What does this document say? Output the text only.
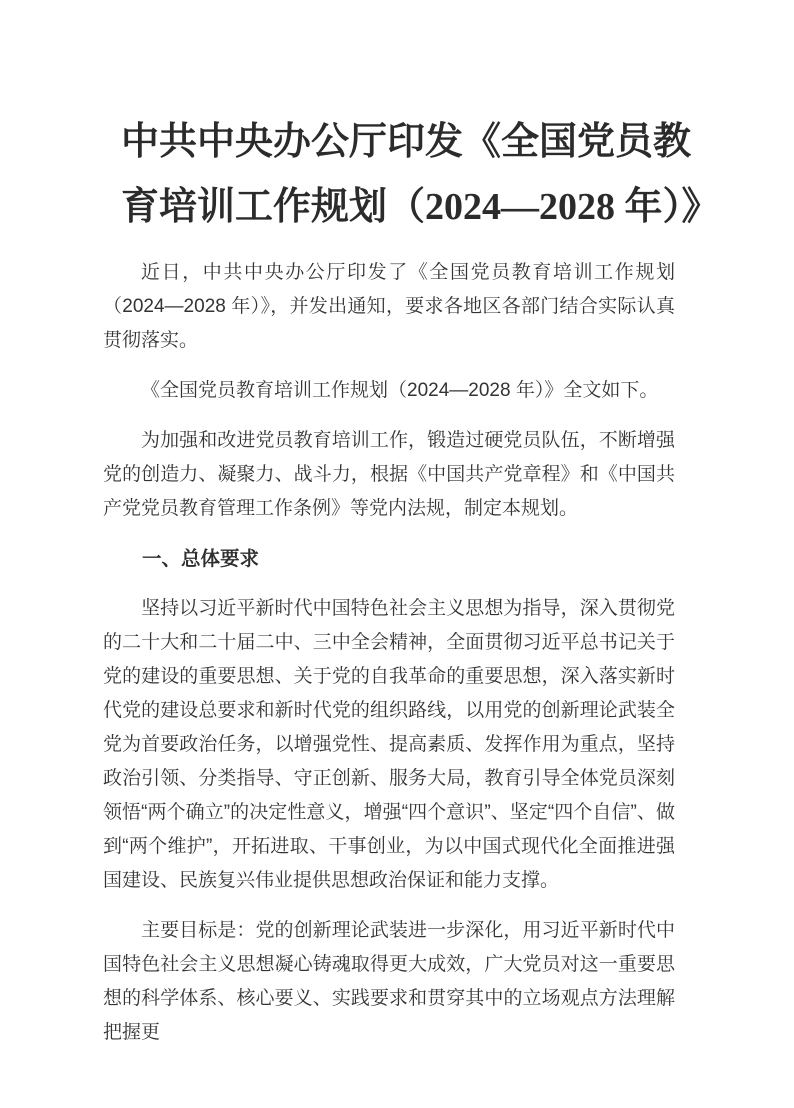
中共中央办公厅印发《全国党员教
育培训工作规划（2024—2028 年）》

近日，中共中央办公厅印发了《全国党员教育培训工作规划（2024—2028 年）》，并发出通知，要求各地区各部门结合实际认真贯彻落实。

《全国党员教育培训工作规划（2024—2028 年）》全文如下。

为加强和改进党员教育培训工作，锻造过硬党员队伍，不断增强党的创造力、凝聚力、战斗力，根据《中国共产党章程》和《中国共产党党员教育管理工作条例》等党内法规，制定本规划。

一、总体要求

坚持以习近平新时代中国特色社会主义思想为指导，深入贯彻党的二十大和二十届二中、三中全会精神，全面贯彻习近平总书记关于党的建设的重要思想、关于党的自我革命的重要思想，深入落实新时代党的建设总要求和新时代党的组织路线，以用党的创新理论武装全党为首要政治任务，以增强党性、提高素质、发挥作用为重点，坚持政治引领、分类指导、守正创新、服务大局，教育引导全体党员深刻领悟“两个确立”的决定性意义，增强“四个意识”、坚定“四个自信”、做到“两个维护”，开拓进取、干事创业，为以中国式现代化全面推进强国建设、民族复兴伟业提供思想政治保证和能力支撑。

主要目标是：党的创新理论武装进一步深化，用习近平新时代中国特色社会主义思想凝心铸魂取得更大成效，广大党员对这一重要思想的科学体系、核心要义、实践要求和贯穿其中的立场观点方法理解把握更
